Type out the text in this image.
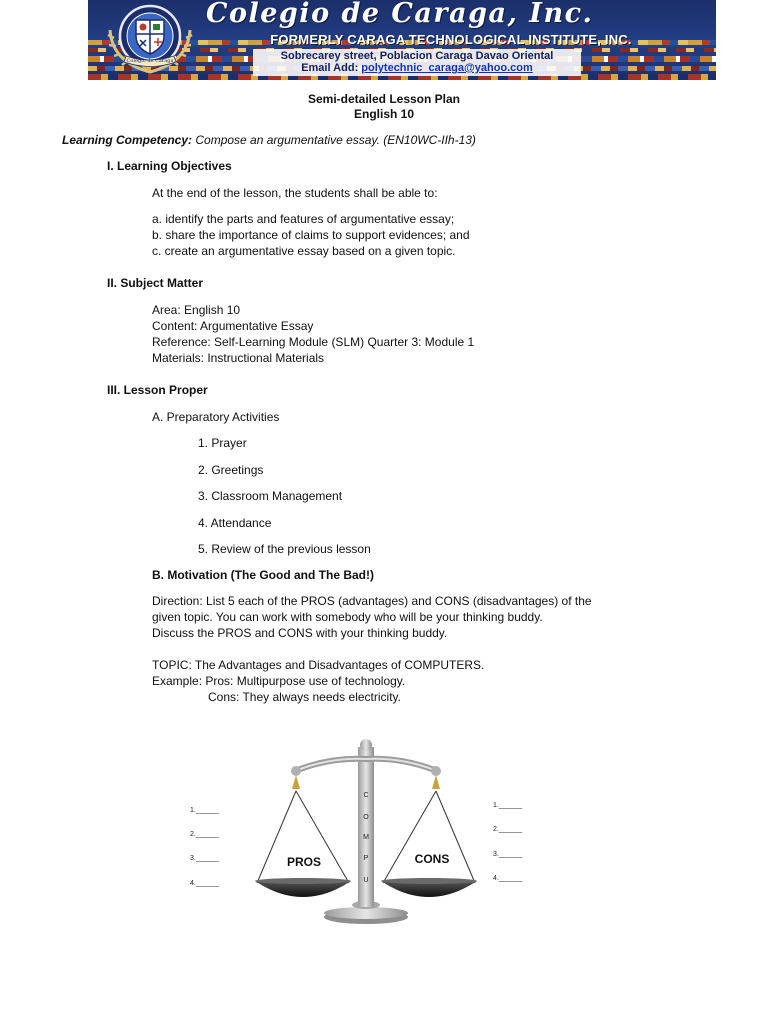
Colegio de Caraga, Inc.
FORMERLY CARAGA TECHNOLOGICAL INSTITUTE, INC.
Sobrecarey street, Poblacion Caraga Davao Oriental
Email Add: polytechnic_caraga@yahoo.com
Colegio de Caraga
Semi-detailed Lesson Plan
English 10
Learning Competency: Compose an argumentative essay. (EN10WC-IIh-13)
I. Learning Objectives
At the end of the lesson, the students shall be able to:
a. identify the parts and features of argumentative essay;
b. share the importance of claims to support evidences; and
c. create an argumentative essay based on a given topic.
II. Subject Matter
Area: English 10
Content: Argumentative Essay
Reference: Self-Learning Module (SLM) Quarter 3: Module 1
Materials: Instructional Materials
III. Lesson Proper
A. Preparatory Activities
1. Prayer
2. Greetings
3. Classroom Management
4. Attendance
5. Review of the previous lesson
B. Motivation (The Good and The Bad!)
Direction: List 5 each of the PROS (advantages) and CONS (disadvantages) of the
given topic. You can work with somebody who will be your thinking buddy.
Discuss the PROS and CONS with your thinking buddy.
TOPIC: The Advantages and Disadvantages of COMPUTERS.
Example: Pros: Multipurpose use of technology.
Cons: They always needs electricity.
PROS	CONS
C
O
M
P
U
1.______
2.______
3.______
4.______
1.______
2.______
3.______
4.______
